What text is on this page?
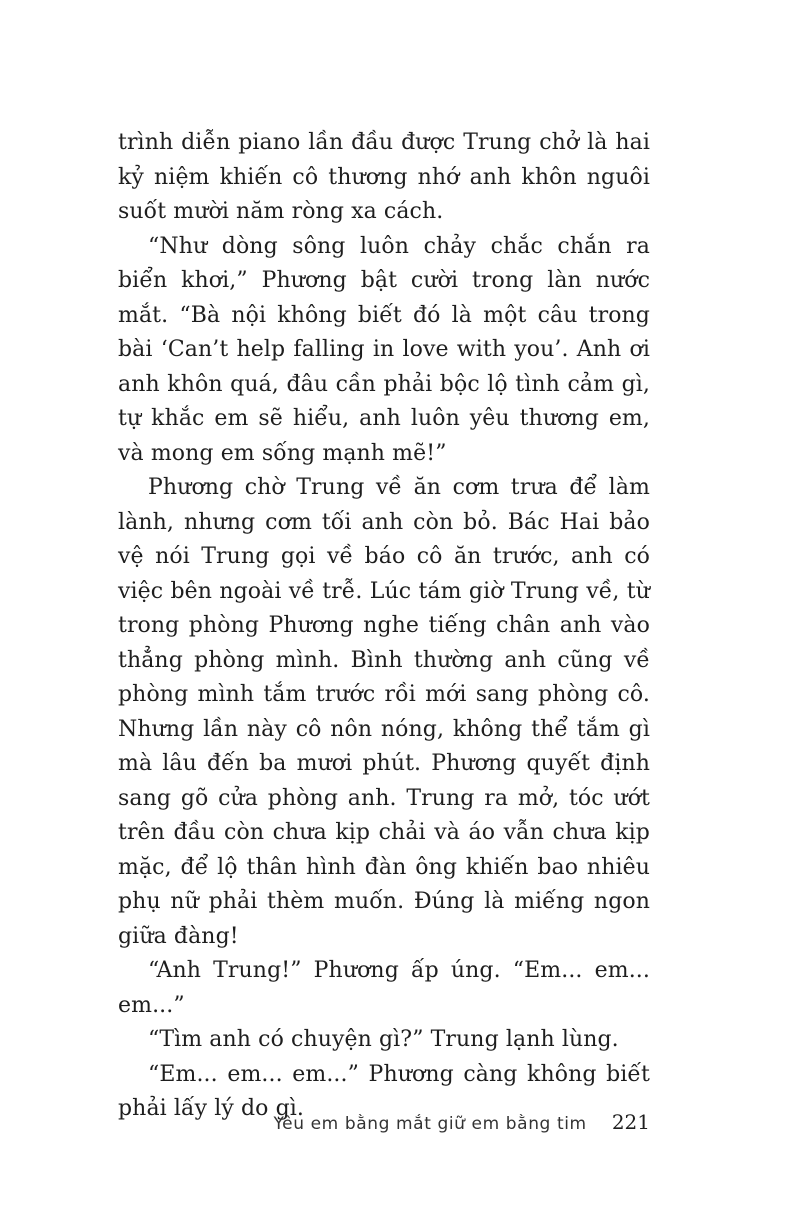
trình diễn piano lần đầu được Trung chở là hai kỷ niệm khiến cô thương nhớ anh khôn nguôi suốt mười năm ròng xa cách.

“Như dòng sông luôn chảy chắc chắn ra biển khơi,” Phương bật cười trong làn nước mắt. “Bà nội không biết đó là một câu trong bài ‘Can’t help falling in love with you’. Anh ơi anh khôn quá, đâu cần phải bộc lộ tình cảm gì, tự khắc em sẽ hiểu, anh luôn yêu thương em, và mong em sống mạnh mẽ!”

Phương chờ Trung về ăn cơm trưa để làm lành, nhưng cơm tối anh còn bỏ. Bác Hai bảo vệ nói Trung gọi về báo cô ăn trước, anh có việc bên ngoài về trễ. Lúc tám giờ Trung về, từ trong phòng Phương nghe tiếng chân anh vào thẳng phòng mình. Bình thường anh cũng về phòng mình tắm trước rồi mới sang phòng cô. Nhưng lần này cô nôn nóng, không thể tắm gì mà lâu đến ba mươi phút. Phương quyết định sang gõ cửa phòng anh. Trung ra mở, tóc ướt trên đầu còn chưa kịp chải và áo vẫn chưa kịp mặc, để lộ thân hình đàn ông khiến bao nhiêu phụ nữ phải thèm muốn. Đúng là miếng ngon giữa đàng!

“Anh Trung!” Phương ấp úng. “Em... em... em...”

“Tìm anh có chuyện gì?” Trung lạnh lùng.

“Em... em... em...” Phương càng không biết phải lấy lý do gì.

Yêu em bằng mắt giữ em bằng tim 221
